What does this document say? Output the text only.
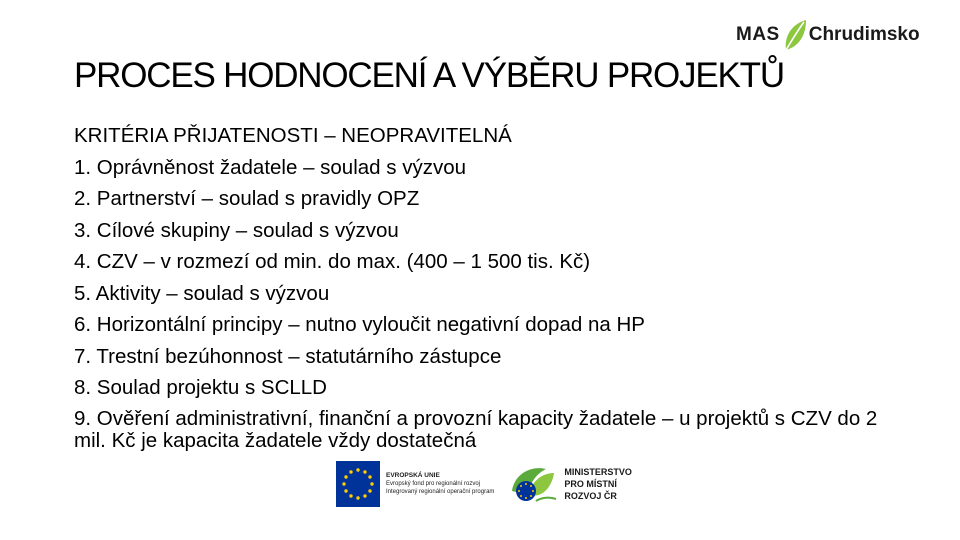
MAS Chrudimsko
PROCES HODNOCENÍ A VÝBĚRU PROJEKTŮ
KRITÉRIA PŘIJATENOSTI – NEOPRAVITELNÁ
1. Oprávněnost žadatele – soulad s výzvou
2. Partnerství – soulad s pravidly OPZ
3. Cílové skupiny – soulad s výzvou
4. CZV – v rozmezí od min. do max. (400 – 1 500 tis. Kč)
5. Aktivity – soulad s výzvou
6. Horizontální principy – nutno vyloučit negativní dopad na HP
7. Trestní bezúhonnost – statutárního zástupce
8. Soulad projektu s SCLLD
9. Ověření administrativní, finanční a provozní kapacity žadatele – u projektů s CZV do 2 mil. Kč je kapacita žadatele vždy dostatečná
EVROPSKÁ UNIE
Evropský fond pro regionální rozvoj
Integrovaný regionální operační program
MINISTERSTVO
PRO MÍSTNÍ
ROZVOJ ČR
